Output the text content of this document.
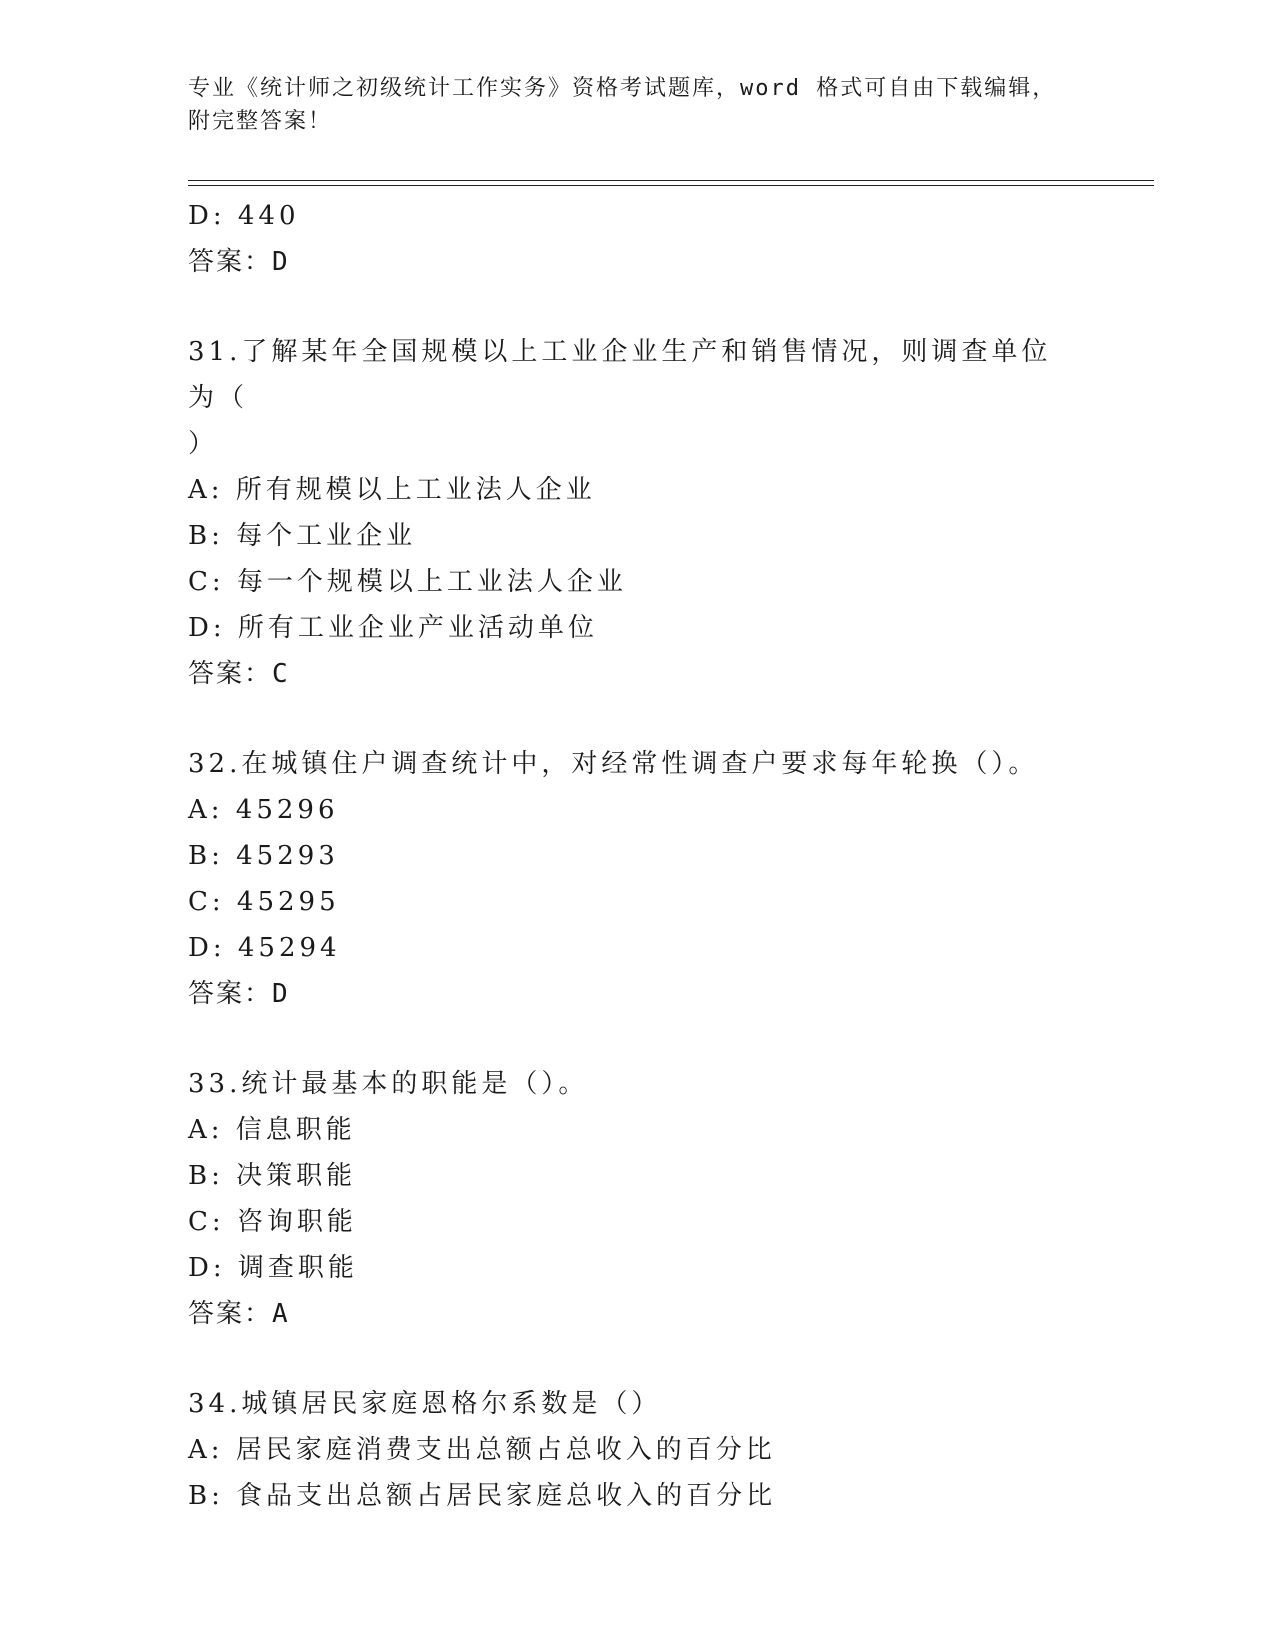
专业《统计师之初级统计工作实务》资格考试题库，word 格式可自由下载编辑，
附完整答案！
D: 440
答案：D
31.了解某年全国规模以上工业企业生产和销售情况，则调查单位为（
）
A: 所有规模以上工业法人企业
B: 每个工业企业
C: 每一个规模以上工业法人企业
D: 所有工业企业产业活动单位
答案：C
32.在城镇住户调查统计中，对经常性调查户要求每年轮换（）。
A: 45296
B: 45293
C: 45295
D: 45294
答案：D
33.统计最基本的职能是（）。
A: 信息职能
B: 决策职能
C: 咨询职能
D: 调查职能
答案：A
34.城镇居民家庭恩格尔系数是（）
A: 居民家庭消费支出总额占总收入的百分比
B: 食品支出总额占居民家庭总收入的百分比
